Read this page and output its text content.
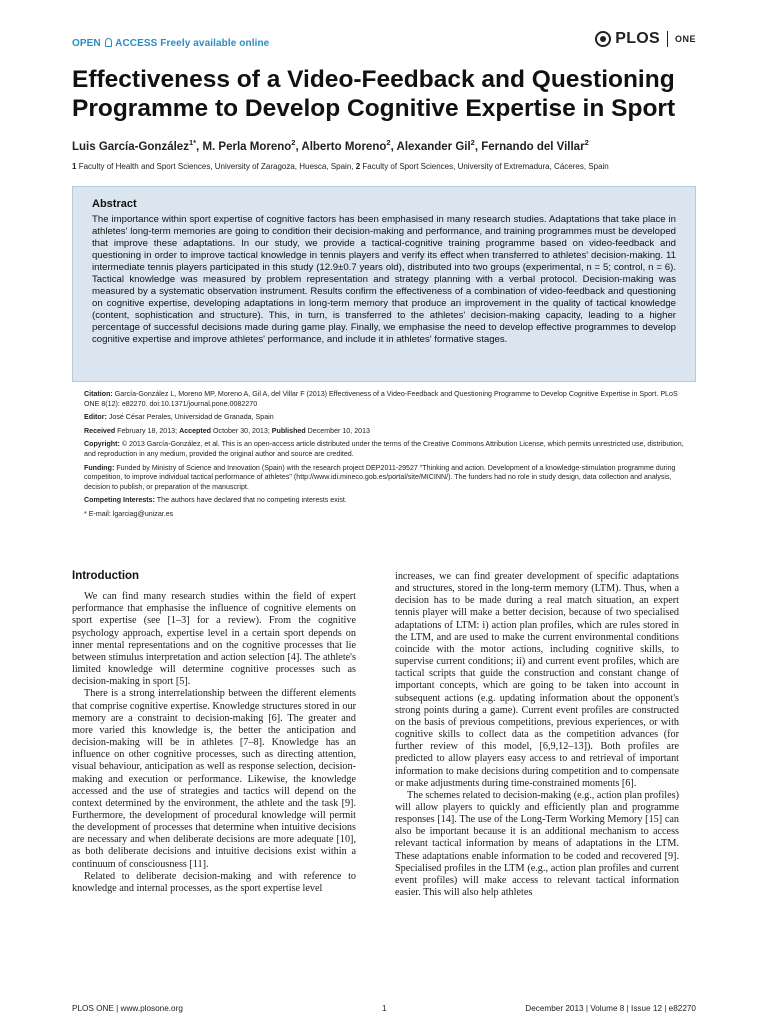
OPEN ACCESS Freely available online	PLOS ONE
Effectiveness of a Video-Feedback and Questioning Programme to Develop Cognitive Expertise in Sport
Luis García-González$^{1*}$, M. Perla Moreno$^2$, Alberto Moreno$^2$, Alexander Gil$^2$, Fernando del Villar$^2$
1 Faculty of Health and Sport Sciences, University of Zaragoza, Huesca, Spain, 2 Faculty of Sport Sciences, University of Extremadura, Cáceres, Spain
Abstract

The importance within sport expertise of cognitive factors has been emphasised in many research studies. Adaptations that take place in athletes' long-term memories are going to condition their decision-making and performance, and training programmes must be developed that improve these adaptations. In our study, we provide a tactical-cognitive training programme based on video-feedback and questioning in order to improve tactical knowledge in tennis players and verify its effect when transferred to athletes' decision-making. 11 intermediate tennis players participated in this study (12.9±0.7 years old), distributed into two groups (experimental, n = 5; control, n = 6). Tactical knowledge was measured by problem representation and strategy planning with a verbal protocol. Decision-making was measured by a systematic observation instrument. Results confirm the effectiveness of a combination of video-feedback and questioning on cognitive expertise, developing adaptations in long-term memory that produce an improvement in the quality of tactical knowledge (content, sophistication and structure). This, in turn, is transferred to the athletes' decision-making capacity, leading to a higher percentage of successful decisions made during game play. Finally, we emphasise the need to develop effective programmes to develop cognitive expertise and improve athletes' performance, and include it in athletes' formative stages.

Citation: García-González L, Moreno MP, Moreno A, Gil A, del Villar F (2013) Effectiveness of a Video-Feedback and Questioning Programme to Develop Cognitive Expertise in Sport. PLoS ONE 8(12): e82270. doi:10.1371/journal.pone.0082270
Editor: José César Perales, Universidad de Granada, Spain
Received February 18, 2013; Accepted October 30, 2013; Published December 10, 2013
Copyright: © 2013 García-González, et al. This is an open-access article distributed under the terms of the Creative Commons Attribution License, which permits unrestricted use, distribution, and reproduction in any medium, provided the original author and source are credited.
Funding: Funded by Ministry of Science and Innovation (Spain) with the research project DEP2011-29527 "Thinking and action. Development of a knowledge-stimulation programme during competition, to improve individual tactical performance of athletes" (http://www.idi.mineco.gob.es/portal/site/MICINN/). The funders had no role in study design, data collection and analysis, decision to publish, or preparation of the manuscript.
Competing Interests: The authors have declared that no competing interests exist.
* E-mail: lgarciag@unizar.es
Introduction

We can find many research studies within the field of expert performance that emphasise the influence of cognitive elements on sport expertise (see [1–3] for a review). From the cognitive psychology approach, expertise level in a certain sport depends on inner mental representations and on the cognitive processes that lie between stimulus interpretation and action selection [4]. The athlete's limited knowledge will determine cognitive processes such as decision-making in sport [5].

There is a strong interrelationship between the different elements that comprise cognitive expertise. Knowledge structures stored in our memory are a constraint to decision-making [6]. The greater and more varied this knowledge is, the better the anticipation and decision-making will be in athletes [7–8]. Knowledge has an influence on other cognitive processes, such as directing attention, visual behaviour, anticipation as well as response selection, decision-making and execution or performance. Likewise, the knowledge accessed and the use of strategies and tactics will depend on the context determined by the environment, the athlete and the task [9]. Furthermore, the development of procedural knowledge will permit the development of processes that determine when intuitive decisions are necessary and when deliberate decisions are more adequate [10], as both deliberate decisions and intuitive decisions exist within a continuum of consciousness [11].

Related to deliberate decision-making and with reference to knowledge and internal processes, as the sport expertise level

increases, we can find greater development of specific adaptations and structures, stored in the long-term memory (LTM). Thus, when a decision has to be made during a real match situation, an expert tennis player will make a better decision, because of two specialised adaptations of LTM: i) action plan profiles, which are rules stored in the LTM, and are used to make the current environmental conditions coincide with the motor actions, including cognitive skills, to supervise current conditions; ii) and current event profiles, which are tactical scripts that guide the construction and constant change of important concepts, which are going to be taken into account in subsequent actions (e.g. updating information about the opponent's strong points during a game). Current event profiles are constructed on the basis of previous competitions, previous experiences, or with cognitive skills to collect data as the competition advances (for further review of this model, [6,9,12–13]). Both profiles are predicted to allow players easy access to and retrieval of important information to make decisions during competition and to compensate or make adjustments during time-constrained moments [6].

The schemes related to decision-making (e.g., action plan profiles) will allow players to quickly and efficiently plan and programme responses [14]. The use of the Long-Term Working Memory [15] can also be important because it is an additional mechanism to access relevant tactical information by means of adaptations in the LTM. These adaptations enable information to be coded and recovered [9]. Specialised profiles in the LTM (e.g., action plan profiles and current event profiles) will make access to relevant tactical information easier. This will also help athletes

PLOS ONE | www.plosone.org	1	December 2013 | Volume 8 | Issue 12 | e82270
